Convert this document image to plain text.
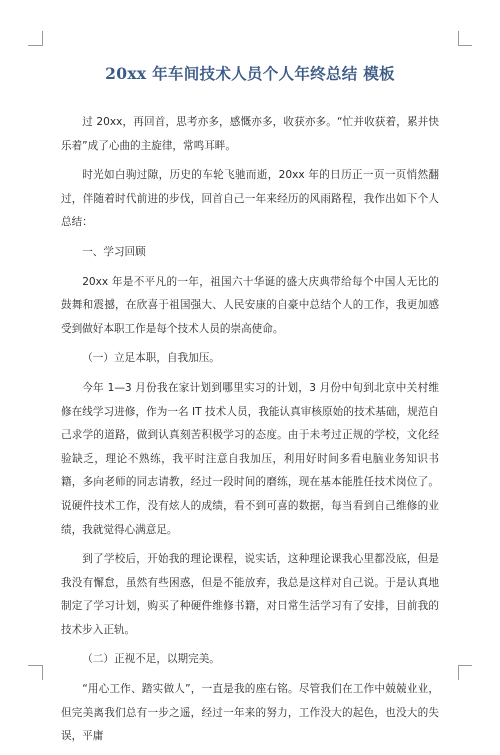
20xx 年车间技术人员个人年终总结 模板

过 20xx，再回首，思考亦多，感慨亦多，收获亦多。“忙并收获着，累并快乐着”成了心曲的主旋律，常鸣耳畔。

时光如白驹过隙，历史的车轮飞驰而逝，20xx 年的日历正一页一页悄然翻过，伴随着时代前进的步伐，回首自己一年来经历的风雨路程，我作出如下个人总结：

一、学习回顾

20xx 年是不平凡的一年，祖国六十华诞的盛大庆典带给每个中国人无比的鼓舞和震撼，在欣喜于祖国强大、人民安康的自豪中总结个人的工作，我更加感受到做好本职工作是每个技术人员的崇高使命。

（一）立足本职，自我加压。

今年 1—3 月份我在家计划到哪里实习的计划，3 月份中旬到北京中关村维修在线学习进修，作为一名 IT 技术人员，我能认真审核原始的技术基础，规范自己求学的道路，做到认真刻苦积极学习的态度。由于未考过正规的学校，文化经验缺乏，理论不熟练，我平时注意自我加压，利用好时间多看电脑业务知识书籍，多向老师的同志请教，经过一段时间的磨练，现在基本能胜任技术岗位了。说硬件技术工作，没有炫人的成绩，看不到可喜的数据，每当看到自己维修的业绩，我就觉得心满意足。

到了学校后，开始我的理论课程，说实话，这种理论课我心里都没底，但是我没有懈怠，虽然有些困惑，但是不能放弃，我总是这样对自己说。于是认真地制定了学习计划，购买了种硬件维修书籍，对日常生活学习有了安排，目前我的技术步入正轨。

（二）正视不足，以期完美。

“用心工作、踏实做人”，一直是我的座右铭。尽管我们在工作中兢兢业业，但完美离我们总有一步之遥，经过一年来的努力，工作没大的起色，也没大的失误，平庸
